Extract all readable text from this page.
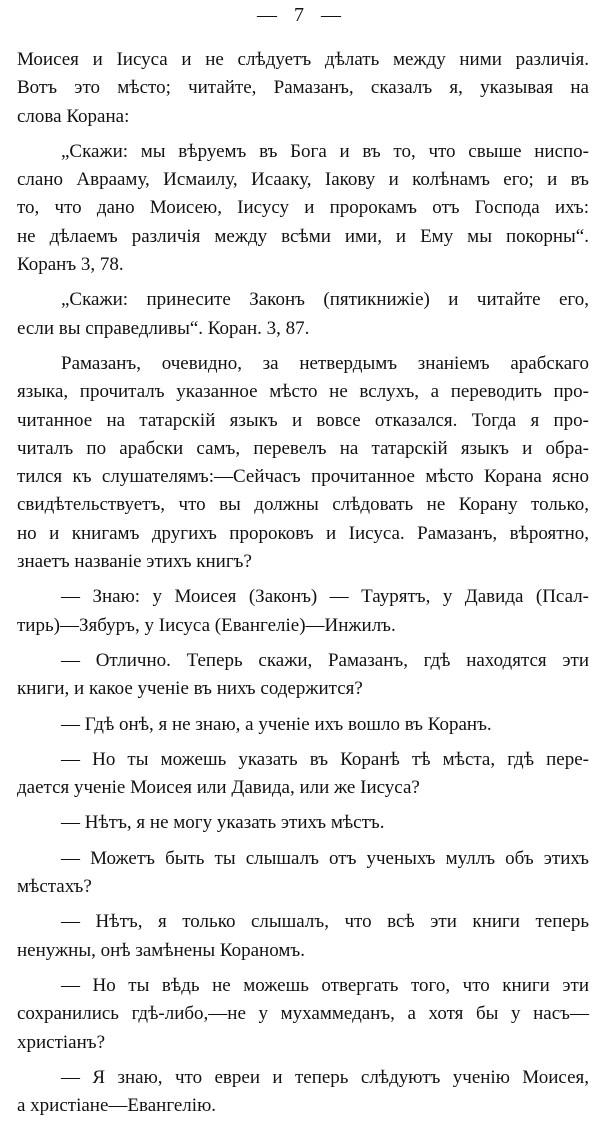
— 7 —
Моисея и Іисуса и не слѣдуетъ дѣлать между ними различія.
Вотъ это мѣсто; читайте, Рамазанъ, сказалъ я, указывая на
слова Корана:
„Скажи: мы вѣруемъ въ Бога и въ то, что свыше ниспо-
слано Аврааму, Исмаилу, Исааку, Іакову и колѣнамъ его; и въ
то, что дано Моисею, Іисусу и пророкамъ отъ Господа ихъ:
не дѣлаемъ различія между всѣми ими, и Ему мы покорны“.
Коранъ 3, 78.
„Скажи: принесите Законъ (пятикнижіе) и читайте его,
если вы справедливы“. Коран. 3, 87.
Рамазанъ, очевидно, за нетвердымъ знаніемъ арабскаго
языка, прочиталъ указанное мѣсто не вслухъ, а переводить про-
читанное на татарскій языкъ и вовсе отказался. Тогда я про-
читалъ по арабски самъ, перевелъ на татарскій языкъ и обра-
тился къ слушателямъ:—Сейчасъ прочитанное мѣсто Корана ясно
свидѣтельствуетъ, что вы должны слѣдовать не Корану только,
но и книгамъ другихъ пророковъ и Іисуса. Рамазанъ, вѣроятно,
знаетъ названіе этихъ книгъ?
— Знаю: у Моисея (Законъ) — Таурятъ, у Давида (Псал-
тирь)—Зябуръ, у Іисуса (Евангеліе)—Инжилъ.
— Отлично. Теперь скажи, Рамазанъ, гдѣ находятся эти
книги, и какое ученіе въ нихъ содержится?
— Гдѣ онѣ, я не знаю, а ученіе ихъ вошло въ Коранъ.
— Но ты можешь указать въ Коранѣ тѣ мѣста, гдѣ пере-
дается ученіе Моисея или Давида, или же Іисуса?
— Нѣтъ, я не могу указать этихъ мѣстъ.
— Можетъ быть ты слышалъ отъ ученыхъ муллъ объ этихъ
мѣстахъ?
— Нѣтъ, я только слышалъ, что всѣ эти книги теперь
ненужны, онѣ замѣнены Кораномъ.
— Но ты вѣдь не можешь отвергать того, что книги эти
сохранились гдѣ-либо,—не у мухаммеданъ, а хотя бы у насъ—
христіанъ?
— Я знаю, что евреи и теперь слѣдуютъ ученію Моисея,
а христіане—Евангелію.
